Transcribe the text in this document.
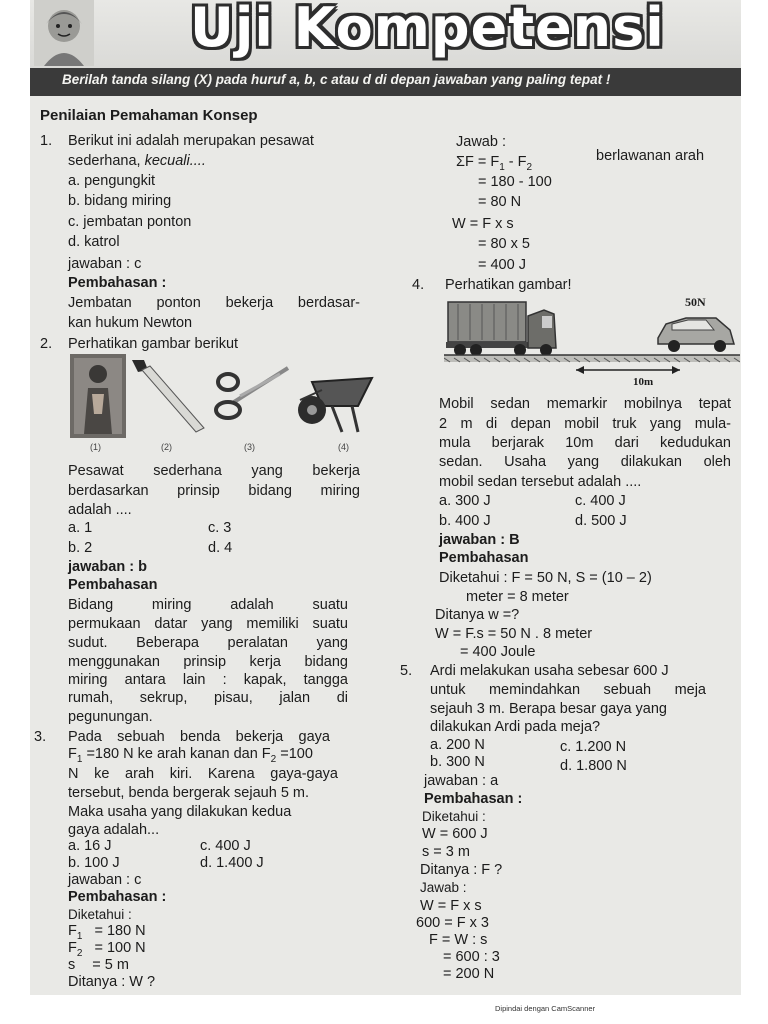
Uji Kompetensi
Berilah tanda silang (X) pada huruf a, b, c atau d di depan jawaban yang paling tepat !
Penilaian Pemahaman Konsep
1. Berikut ini adalah merupakan pesawat
sederhana, kecuali....
a. pengungkit
b. bidang miring
c. jembatan ponton
d. katrol
jawaban : c
Pembahasan :
Jembatan ponton bekerja berdasar-
kan hukum Newton
2. Perhatikan gambar berikut
(1)	(2)	(3)	(4)
Pesawat sederhana yang bekerja
berdasarkan prinsip bidang miring
adalah ....
a. 1	c. 3
b. 2	d. 4
jawaban : b
Pembahasan
Bidang miring adalah suatu
permukaan datar yang memiliki suatu
sudut. Beberapa peralatan yang
menggunakan prinsip kerja bidang
miring antara lain : kapak, tangga
rumah, sekrup, pisau, jalan di
pegunungan.
3. Pada sebuah benda bekerja gaya
$F_1 =180$ N ke arah kanan dan $F_2 =100$
N ke arah kiri. Karena gaya-gaya
tersebut, benda bergerak sejauh 5 m.
Maka usaha yang dilakukan kedua
gaya adalah...
a. 16 J	c. 400 J
b. 100 J	d. 1.400 J
jawaban : c
Pembahasan :
Diketahui :
$F_1 = 180$ N
$F_2 = 100$ N
s = 5 m
Ditanya : W ?
Jawab :
$\Sigma F = F_1 - F_2$
berlawanan arah
= 180 - 100
= 80 N
W = F x s
= 80 x 5
= 400 J
4. Perhatikan gambar!
50N
10m
Mobil sedan memarkir mobilnya tepat
2 m di depan mobil truk yang mula-
mula berjarak 10m dari kedudukan
sedan. Usaha yang dilakukan oleh
mobil sedan tersebut adalah ....
a. 300 J	c. 400 J
b. 400 J	d. 500 J
jawaban : B
Pembahasan
Diketahui : F = 50 N, S = (10 – 2)
meter = 8 meter
Ditanya w =?
W = F.s = 50 N . 8 meter
= 400 Joule
5. Ardi melakukan usaha sebesar 600 J
untuk memindahkan sebuah meja
sejauh 3 m. Berapa besar gaya yang
dilakukan Ardi pada meja?
a. 200 N	c. 1.200 N
b. 300 N	d. 1.800 N
jawaban : a
Pembahasan :
Diketahui :
W = 600 J
s = 3 m
Ditanya : F ?
Jawab :
W = F x s
600 = F x 3
F = W : s
= 600 : 3
= 200 N
Dipindai dengan CamScanner
